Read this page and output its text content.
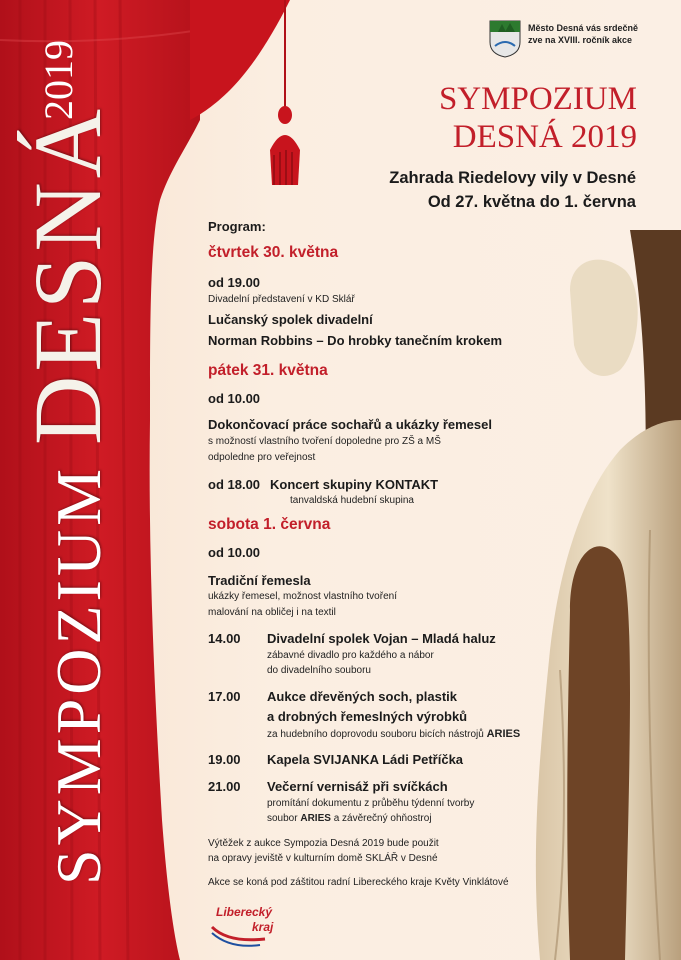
2019
SYMPOZIUM DESNÁ
Město Desná vás srdečně
zve na XVIII. ročník akce
SYMPOZIUM
DESNÁ 2019
Zahrada Riedelovy vily v Desné
Od 27. května do 1. června
Program:
čtvrtek 30. května
od 19.00
Divadelní představení v KD Sklář
Lučanský spolek divadelní
Norman Robbins – Do hrobky tanečním krokem
pátek 31. května
od 10.00
Dokončovací práce sochařů a ukázky řemesel
s možností vlastního tvoření dopoledne pro ZŠ a MŠ
odpoledne pro veřejnost
od 18.00 Koncert skupiny KONTAKT
tanvaldská hudební skupina
sobota 1. června
od 10.00
Tradiční řemesla
ukázky řemesel, možnost vlastního tvoření
malování na obličej i na textil
14.00 Divadelní spolek Vojan – Mladá haluz
zábavné divadlo pro každého a nábor
do divadelního souboru
17.00 Aukce dřevěných soch, plastik
a drobných řemeslných výrobků
za hudebního doprovodu souboru bicích nástrojů ARIES
19.00 Kapela SVIJANKA Ládi Petříčka
21.00 Večerní vernisáž při svíčkách
promítání dokumentu z průběhu týdenní tvorby
soubor ARIES a závěrečný ohňostroj
Výtěžek z aukce Sympozia Desná 2019 bude použit
na opravy jeviště v kulturním domě SKLÁŘ v Desné
Akce se koná pod záštitou radní Libereckého kraje Květy Vinklátové
Liberecký
kraj
